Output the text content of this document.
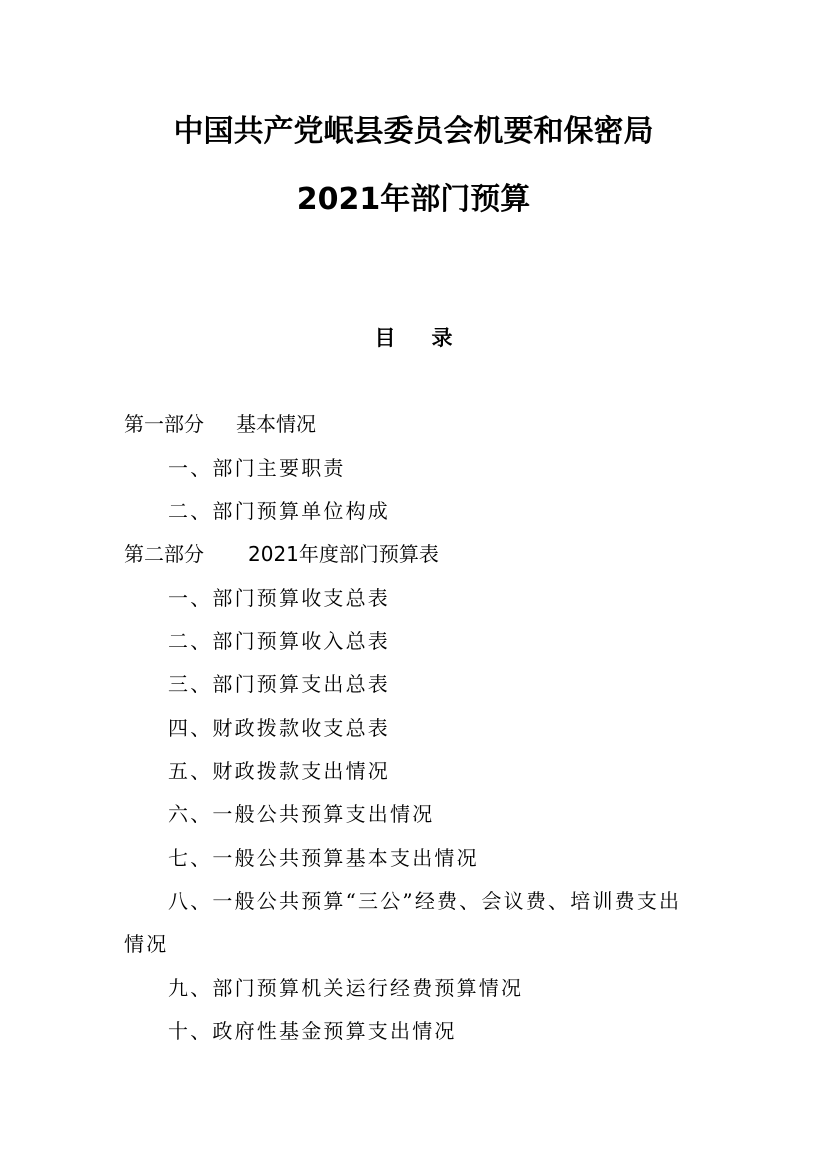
中国共产党岷县委员会机要和保密局
2021年部门预算
目录
第一部分 基本情况
一、部门主要职责
二、部门预算单位构成
第二部分 2021年度部门预算表
一、部门预算收支总表
二、部门预算收入总表
三、部门预算支出总表
四、财政拨款收支总表
五、财政拨款支出情况
六、一般公共预算支出情况
七、一般公共预算基本支出情况
八、一般公共预算“三公”经费、会议费、培训费支出
情况
九、部门预算机关运行经费预算情况
十、政府性基金预算支出情况
